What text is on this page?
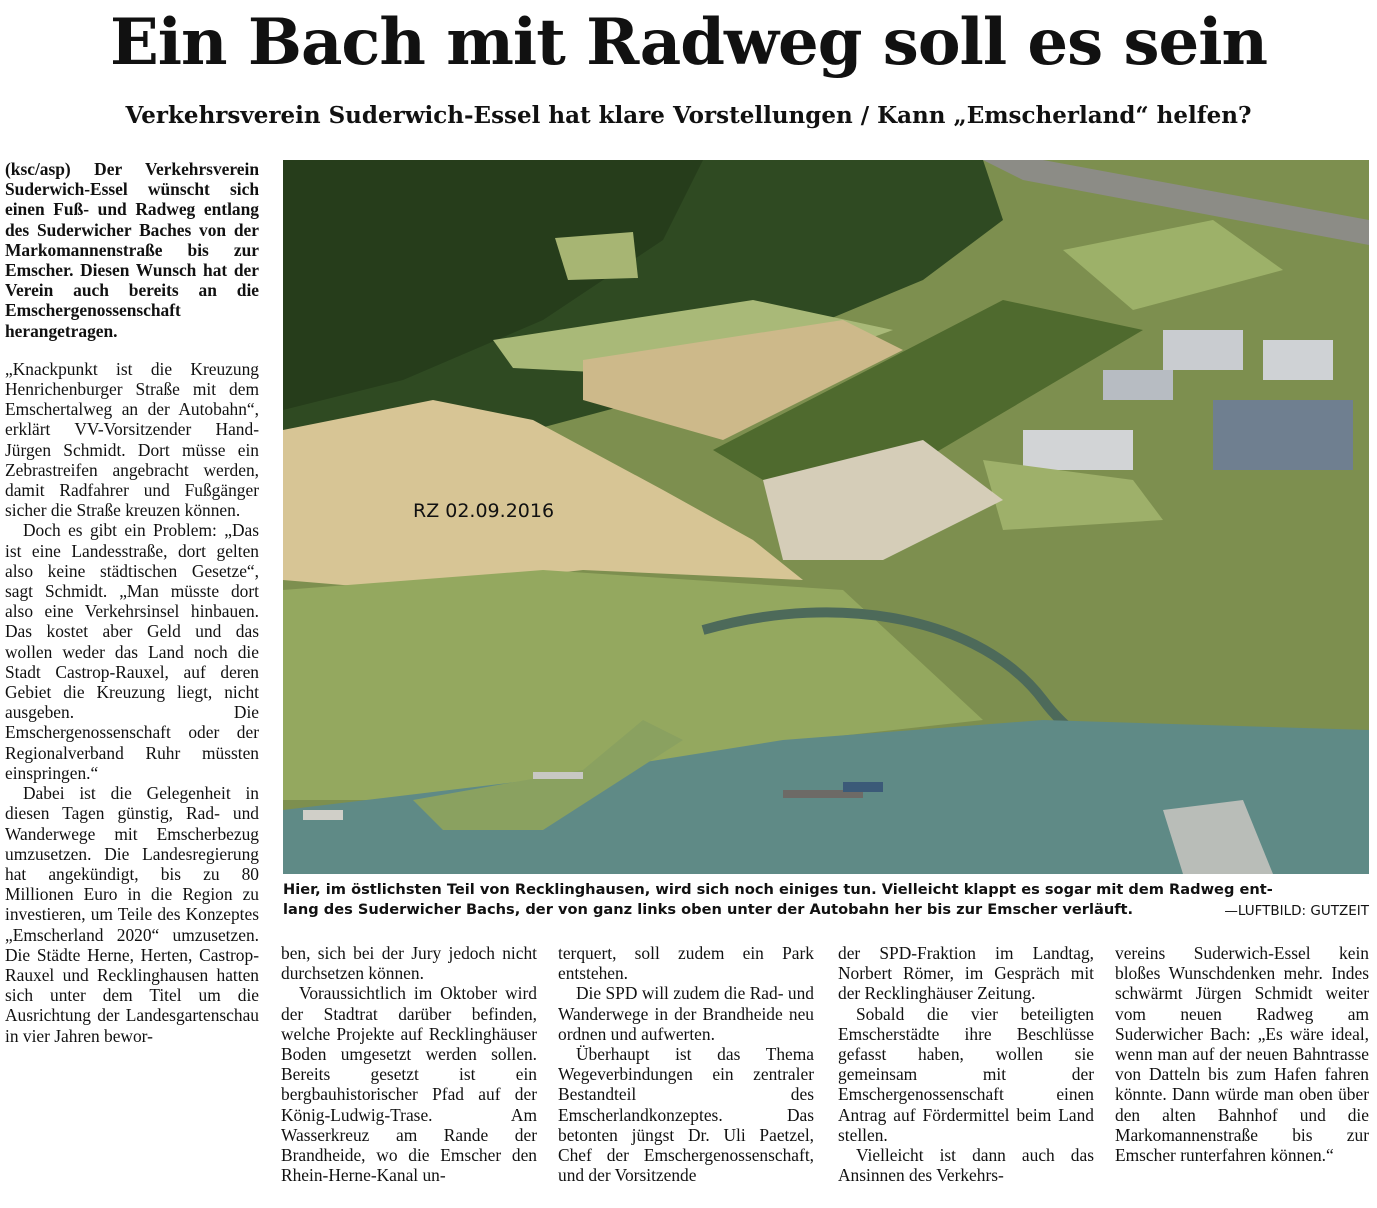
Ein Bach mit Radweg soll es sein
Verkehrsverein Suderwich-Essel hat klare Vorstellungen / Kann „Emscherland“ helfen?

(ksc/asp) Der Verkehrsverein Suderwich-Essel wünscht sich einen Fuß- und Radweg entlang des Suderwicher Baches von der Markomannenstraße bis zur Emscher. Diesen Wunsch hat der Verein auch bereits an die Emschergenossenschaft herangetragen.

„Knackpunkt ist die Kreuzung Henrichenburger Straße mit dem Emschertalweg an der Autobahn“, erklärt VV-Vorsitzender Hand-Jürgen Schmidt. Dort müsse ein Zebrastreifen angebracht werden, damit Radfahrer und Fußgänger sicher die Straße kreuzen können.

Doch es gibt ein Problem: „Das ist eine Landesstraße, dort gelten also keine städtischen Gesetze“, sagt Schmidt. „Man müsste dort also eine Verkehrsinsel hinbauen. Das kostet aber Geld und das wollen weder das Land noch die Stadt Castrop-Rauxel, auf deren Gebiet die Kreuzung liegt, nicht ausgeben. Die Emschergenossenschaft oder der Regionalverband Ruhr müssten einspringen.“

Dabei ist die Gelegenheit in diesen Tagen günstig, Rad- und Wanderwege mit Emscherbezug umzusetzen. Die Landesregierung hat angekündigt, bis zu 80 Millionen Euro in die Region zu investieren, um Teile des Konzeptes „Emscherland 2020“ umzusetzen. Die Städte Herne, Herten, Castrop-Rauxel und Recklinghausen hatten sich unter dem Titel um die Ausrichtung der Landesgartenschau in vier Jahren bewor-

RZ 02.09.2016

Hier, im östlichsten Teil von Recklinghausen, wird sich noch einiges tun. Vielleicht klappt es sogar mit dem Radweg ent-
lang des Suderwicher Bachs, der von ganz links oben unter der Autobahn her bis zur Emscher verläuft.	—LUFTBILD: GUTZEIT

ben, sich bei der Jury jedoch nicht durchsetzen können.

Voraussichtlich im Oktober wird der Stadtrat darüber befinden, welche Projekte auf Recklinghäuser Boden umgesetzt werden sollen. Bereits gesetzt ist ein bergbauhistorischer Pfad auf der König-Ludwig-Trase. Am Wasserkreuz am Rande der Brandheide, wo die Emscher den Rhein-Herne-Kanal un-

terquert, soll zudem ein Park entstehen.

Die SPD will zudem die Rad- und Wanderwege in der Brandheide neu ordnen und aufwerten.

Überhaupt ist das Thema Wegeverbindungen ein zentraler Bestandteil des Emscherlandkonzeptes. Das betonten jüngst Dr. Uli Paetzel, Chef der Emschergenossenschaft, und der Vorsitzende

der SPD-Fraktion im Landtag, Norbert Römer, im Gespräch mit der Recklinghäuser Zeitung.

Sobald die vier beteiligten Emscherstädte ihre Beschlüsse gefasst haben, wollen sie gemeinsam mit der Emschergenossenschaft einen Antrag auf Fördermittel beim Land stellen.

Vielleicht ist dann auch das Ansinnen des Verkehrs-

vereins Suderwich-Essel kein bloßes Wunschdenken mehr. Indes schwärmt Jürgen Schmidt weiter vom neuen Radweg am Suderwicher Bach: „Es wäre ideal, wenn man auf der neuen Bahntrasse von Datteln bis zum Hafen fahren könnte. Dann würde man oben über den alten Bahnhof und die Markomannenstraße bis zur Emscher runterfahren können.“
